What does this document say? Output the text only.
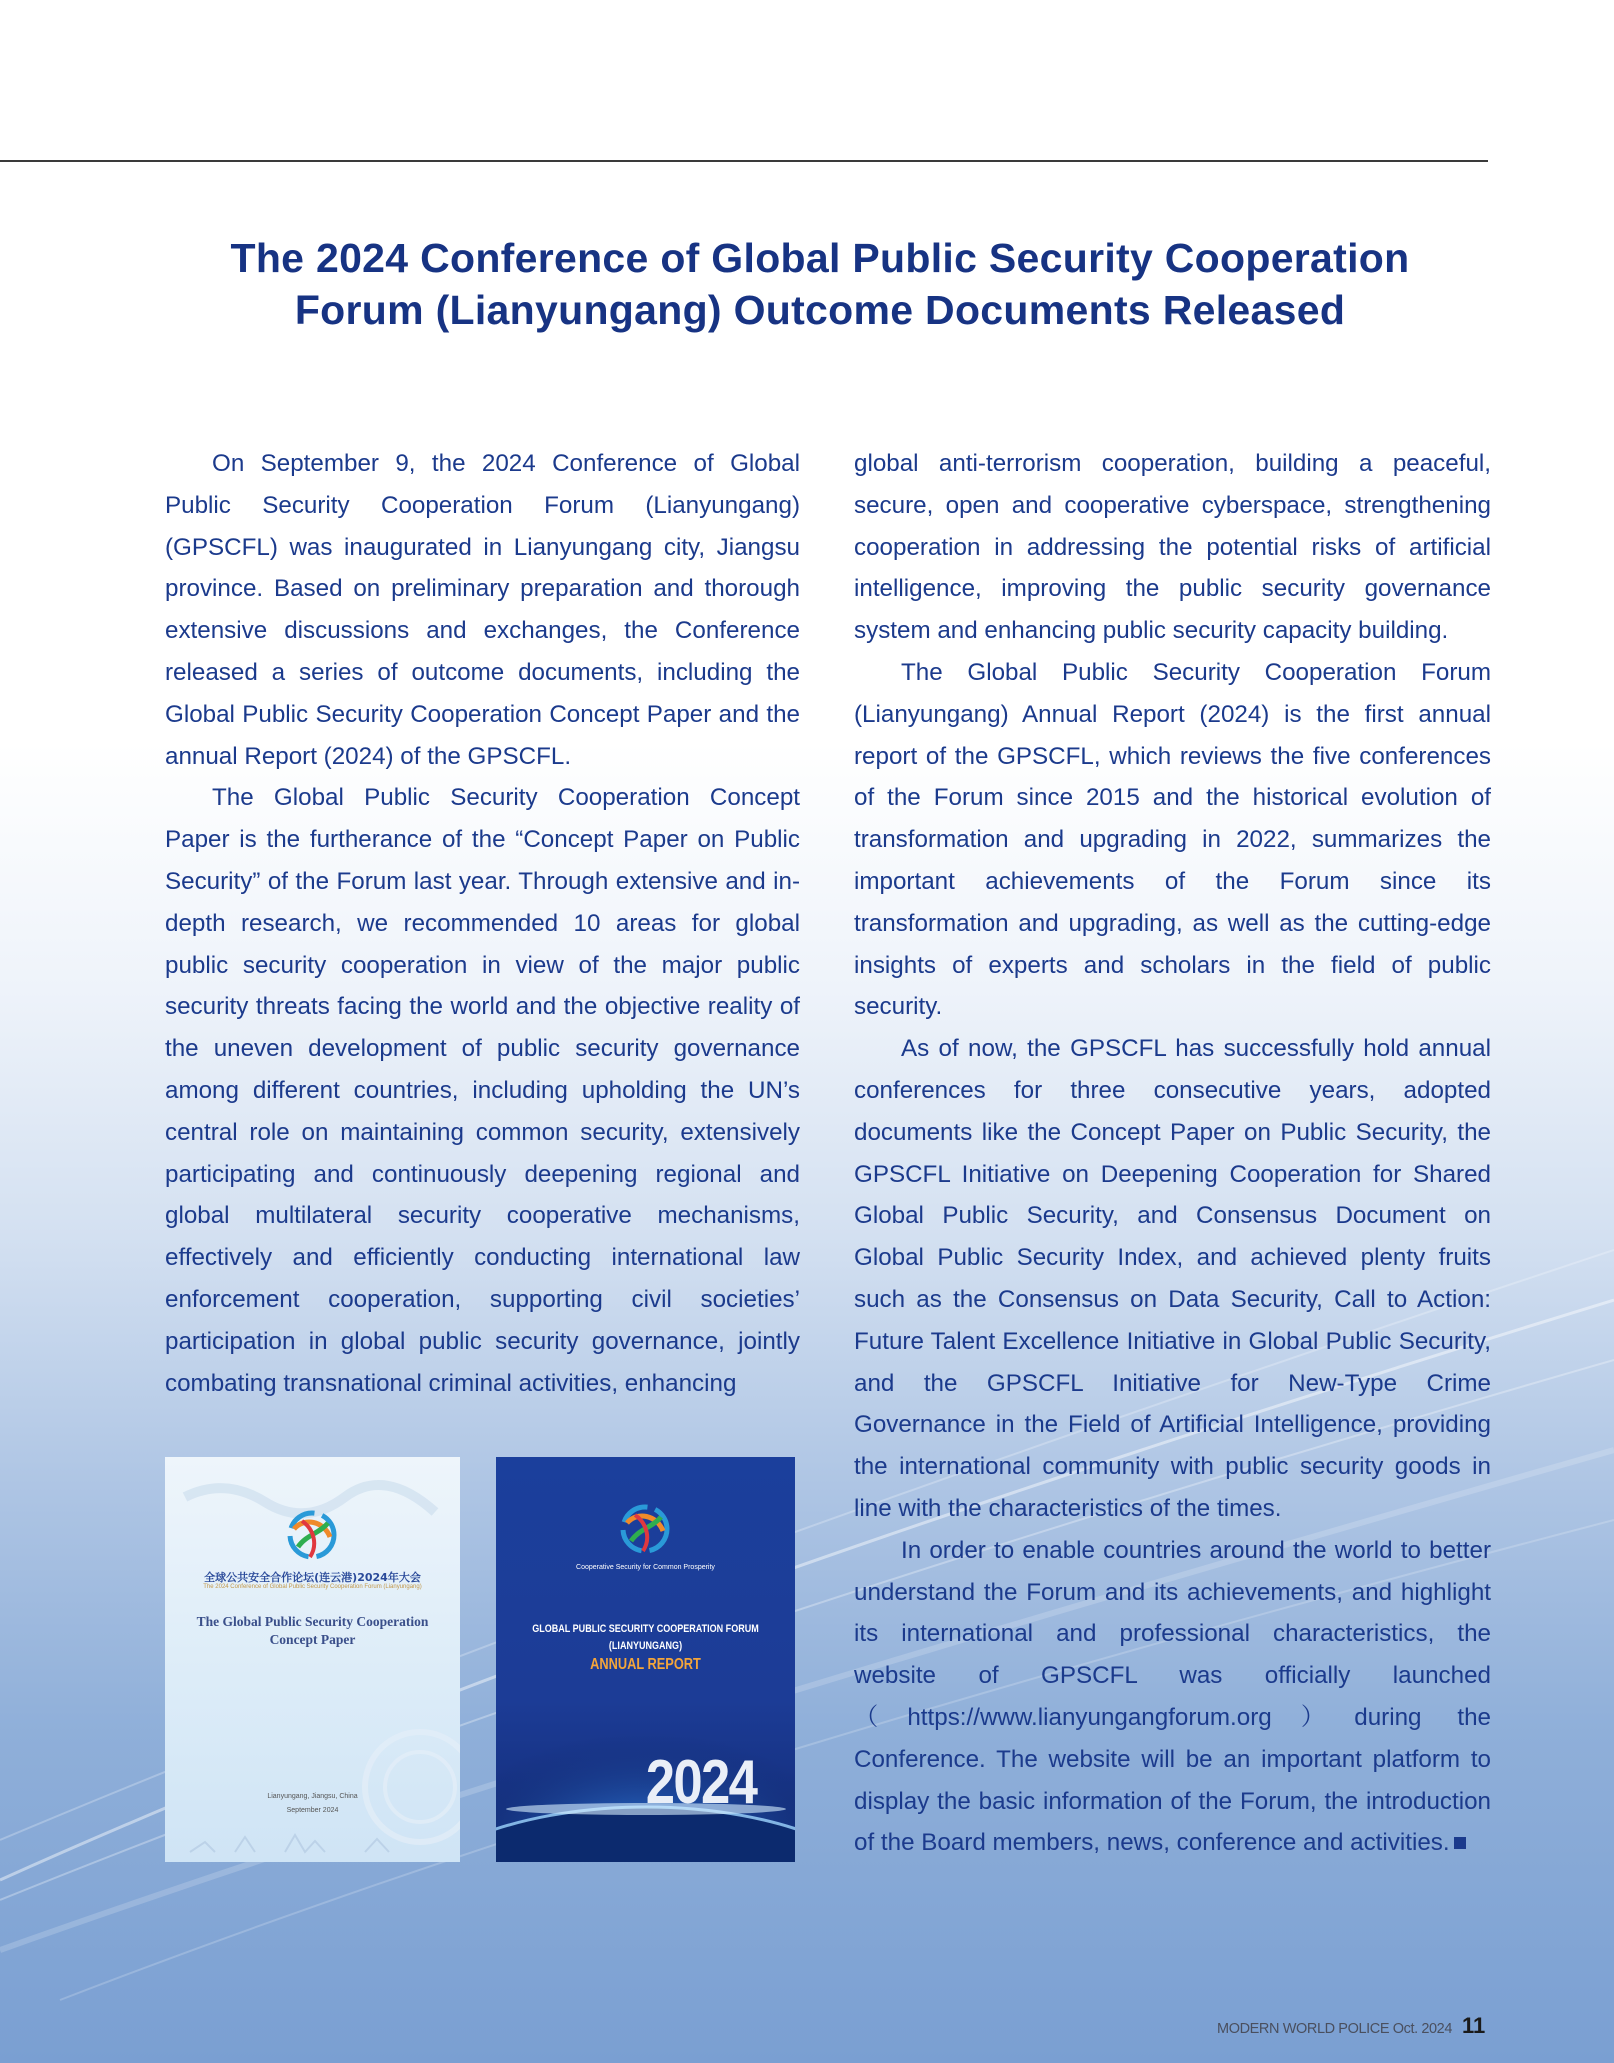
The 2024 Conference of Global Public Security Cooperation
Forum (Lianyungang) Outcome Documents Released

On September 9, the 2024 Conference of Global Public Security Cooperation Forum (Lianyungang) (GPSCFL) was inaugurated in Lianyungang city, Jiangsu province. Based on preliminary preparation and thorough extensive discussions and exchanges, the Conference released a series of outcome documents, including the Global Public Security Cooperation Concept Paper and the annual Report (2024) of the GPSCFL.

The Global Public Security Cooperation Concept Paper is the furtherance of the “Concept Paper on Public Security” of the Forum last year. Through extensive and in-depth research, we recommended 10 areas for global public security cooperation in view of the major public security threats facing the world and the objective reality of the uneven development of public security governance among different countries, including upholding the UN’s central role on maintaining common security, extensively participating and continuously deepening regional and global multilateral security cooperative mechanisms, effectively and efficiently conducting international law enforcement cooperation, supporting civil societies’ participation in global public security governance, jointly combating transnational criminal activities, enhancing

global anti-terrorism cooperation, building a peaceful, secure, open and cooperative cyberspace, strengthening cooperation in addressing the potential risks of artificial intelligence, improving the public security governance system and enhancing public security capacity building.

The Global Public Security Cooperation Forum (Lianyungang) Annual Report (2024) is the first annual report of the GPSCFL, which reviews the five conferences of the Forum since 2015 and the historical evolution of transformation and upgrading in 2022, summarizes the important achievements of the Forum since its transformation and upgrading, as well as the cutting-edge insights of experts and scholars in the field of public security.

As of now, the GPSCFL has successfully hold annual conferences for three consecutive years, adopted documents like the Concept Paper on Public Security, the GPSCFL Initiative on Deepening Cooperation for Shared Global Public Security, and Consensus Document on Global Public Security Index, and achieved plenty fruits such as the Consensus on Data Security, Call to Action: Future Talent Excellence Initiative in Global Public Security, and the GPSCFL Initiative for New-Type Crime Governance in the Field of Artificial Intelligence, providing the international community with public security goods in line with the characteristics of the times.

In order to enable countries around the world to better understand the Forum and its achievements, and highlight its international and professional characteristics, the website of GPSCFL was officially launched（https://www.lianyungangforum.org）during the Conference. The website will be an important platform to display the basic information of the Forum, the introduction of the Board members, news, conference and activities.

全球公共安全合作论坛(连云港)2024年大会
The 2024 Conference of Global Public Security Cooperation Forum (Lianyungang)
The Global Public Security Cooperation
Concept Paper
Lianyungang, Jiangsu, China
September 2024
Cooperative Security for Common Prosperity
GLOBAL PUBLIC SECURITY COOPERATION FORUM
(LIANYUNGANG)
ANNUAL REPORT
2024
MODERN WORLD POLICE Oct. 2024 11
